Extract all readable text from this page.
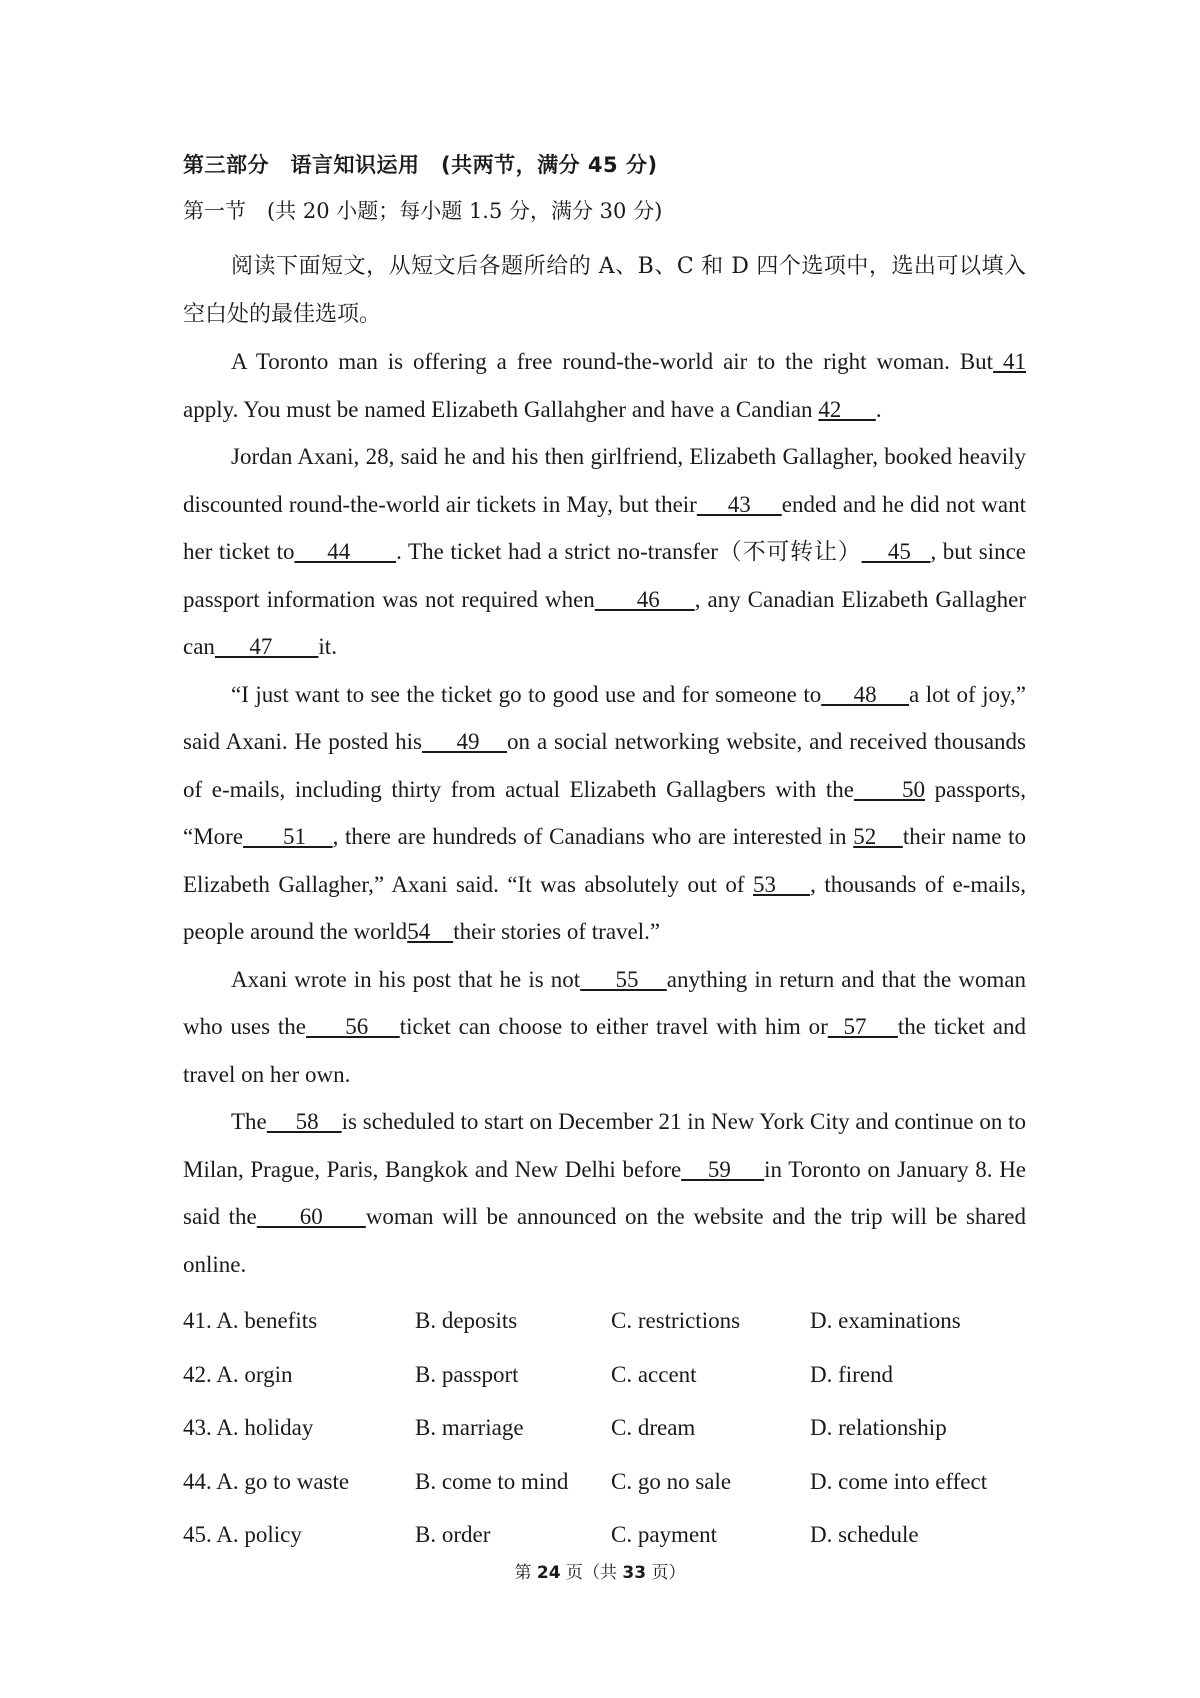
第三部分　语言知识运用　(共两节，满分 45 分)
第一节　(共 20 小题；每小题 1.5 分，满分 30 分)

阅读下面短文，从短文后各题所给的 A、B、C 和 D 四个选项中，选出可以填入空白处的最佳选项。

A Toronto man is offering a free round-the-world air to the right woman. But 41 apply. You must be named Elizabeth Gallahgher and have a Candian 42      .

Jordan Axani, 28, said he and his then girlfriend, Elizabeth Gallagher, booked heavily discounted round-the-world air tickets in May, but their     43     ended and he did not want her ticket to     44       . The ticket had a strict no-transfer（不可转让）    45   , but since passport information was not required when      46     , any Canadian Elizabeth Gallagher can      47        it.

“I just want to see the ticket go to good use and for someone to     48     a lot of joy,” said Axani. He posted his     49    on a social networking website, and received thousands of e-mails, including thirty from actual Elizabeth Gallagbers with the     50 passports, “More      51    , there are hundreds of Canadians who are interested in 52    their name to Elizabeth Gallagher,” Axani said. “It was absolutely out of 53    , thousands of e-mails, people around the world54    their stories of travel.”

Axani wrote in his post that he is not     55    anything in return and that the woman who uses the     56    ticket can choose to either travel with him or  57    the ticket and travel on her own.

The     58    is scheduled to start on December 21 in New York City and continue on to Milan, Prague, Paris, Bangkok and New Delhi before    59     in Toronto on January 8. He said the     60     woman will be announced on the website and the trip will be shared online.

41. A. benefits	B. deposits	C. restrictions	D. examinations
42. A. orgin	B. passport	C. accent	D. firend
43. A. holiday	B. marriage	C. dream	D. relationship
44. A. go to waste	B. come to mind	C. go no sale	D. come into effect
45. A. policy	B. order	C. payment	D. schedule
第 24 页（共 33 页）
